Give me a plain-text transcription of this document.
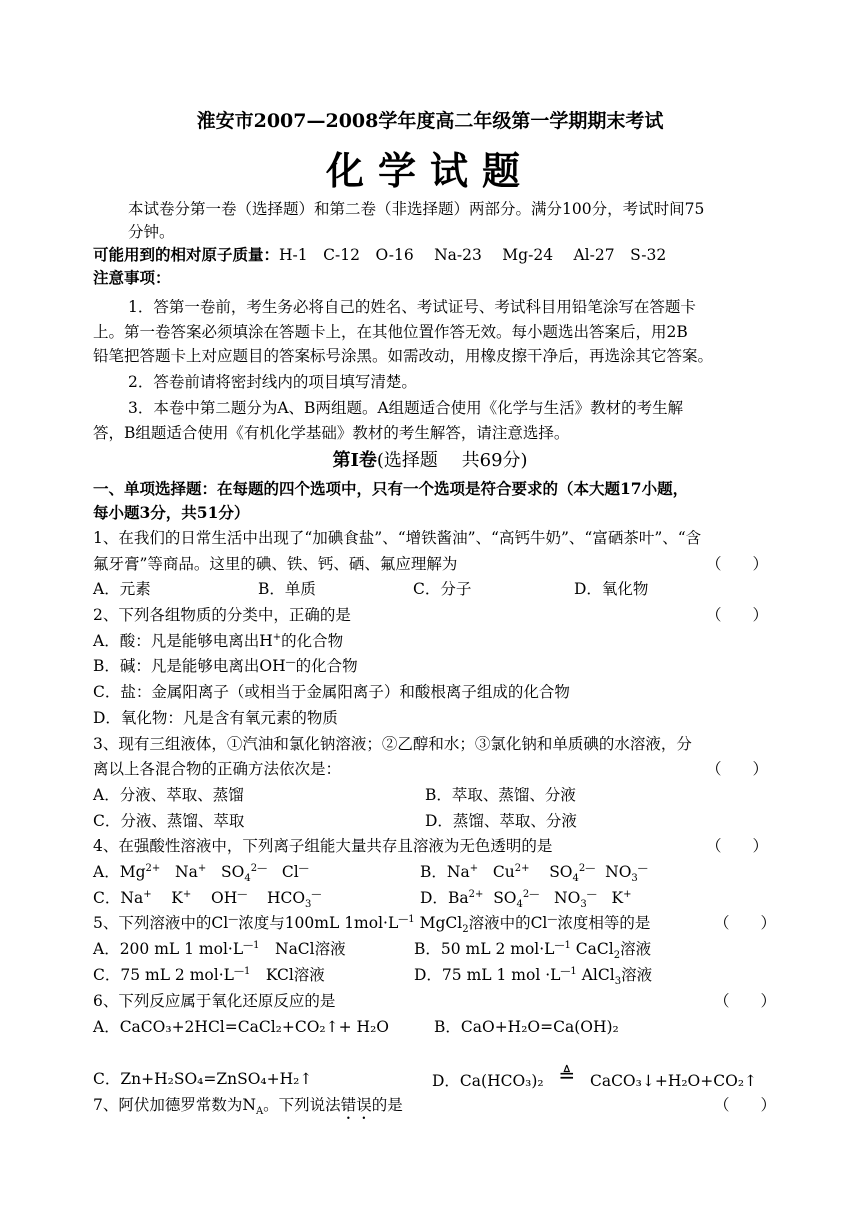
淮安市2007—2008学年度高二年级第一学期期末考试
化学试题
本试卷分第一卷（选择题）和第二卷（非选择题）两部分。满分100分，考试时间75
分钟。
可能用到的相对原子质量：H-1　C-12　O-16　 Na-23　 Mg-24　 Al-27　S-32
注意事项：
1．答第一卷前，考生务必将自己的姓名、考试证号、考试科目用铅笔涂写在答题卡
上。第一卷答案必须填涂在答题卡上，在其他位置作答无效。每小题选出答案后，用2B
铅笔把答题卡上对应题目的答案标号涂黑。如需改动，用橡皮擦干净后，再选涂其它答案。
2．答卷前请将密封线内的项目填写清楚。
3．本卷中第二题分为A、B两组题。A组题适合使用《化学与生活》教材的考生解
答，B组题适合使用《有机化学基础》教材的考生解答，请注意选择。
第Ⅰ卷(选择题　 共69分)
一、单项选择题：在每题的四个选项中，只有一个选项是符合要求的（本大题17小题，
每小题3分，共51分）
1、在我们的日常生活中出现了“加碘食盐”、“增铁酱油”、“高钙牛奶”、“富硒茶叶”、“含
氟牙膏”等商品。这里的碘、铁、钙、硒、氟应理解为	（　　）
A．元素	B．单质	C．分子	D．氧化物
2、下列各组物质的分类中，正确的是	（　　）
A．酸：凡是能够电离出H+的化合物
B．碱：凡是能够电离出OH—的化合物
C．盐：金属阳离子（或相当于金属阳离子）和酸根离子组成的化合物
D．氧化物：凡是含有氧元素的物质
3、现有三组液体，①汽油和氯化钠溶液；②乙醇和水；③氯化钠和单质碘的水溶液，分
离以上各混合物的正确方法依次是：	（　　）
A．分液、萃取、蒸馏	B．萃取、蒸馏、分液
C．分液、蒸馏、萃取	D．蒸馏、萃取、分液
4、在强酸性溶液中，下列离子组能大量共存且溶液为无色透明的是	（　　）
A．$Mg^{2+}$ Na+ $SO_4^{2—}$ Cl—	B．Na+ $Cu^{2+}$ $SO_4^{2—}$ $NO_3^—$
C．Na+ K+ OH— $HCO_3^—$	D．$Ba^{2+}$ $SO_4^{2—}$ $NO_3^—$ K+
5、下列溶液中的Cl—浓度与100mL $1mol\cdot L^{—1}$ MgCl$_2$溶液中的Cl—浓度相等的是	（　　）
A．200 mL 1 $mol\cdot L^{—1}$　NaCl溶液	B．50 mL 2 $mol\cdot L^{—1}$ CaCl$_2$溶液
C．75 mL 2 $mol\cdot L^{—1}$　KCl溶液	D．75 mL 1 mol $\cdot L^{—1}$ AlCl$_3$溶液
6、下列反应属于氧化还原反应的是	（　　）
A．CaCO₃+2HCl=CaCl₂+CO₂↑+ H₂O	B．CaO+H₂O=Ca(OH)₂
C．Zn+H₂SO₄=ZnSO₄+H₂↑	D．Ca(HCO₃)₂ ≜ CaCO₃↓+H₂O+CO₂↑
7、阿伏加德罗常数为$N_A$。下列说法错误的是	（　　）
